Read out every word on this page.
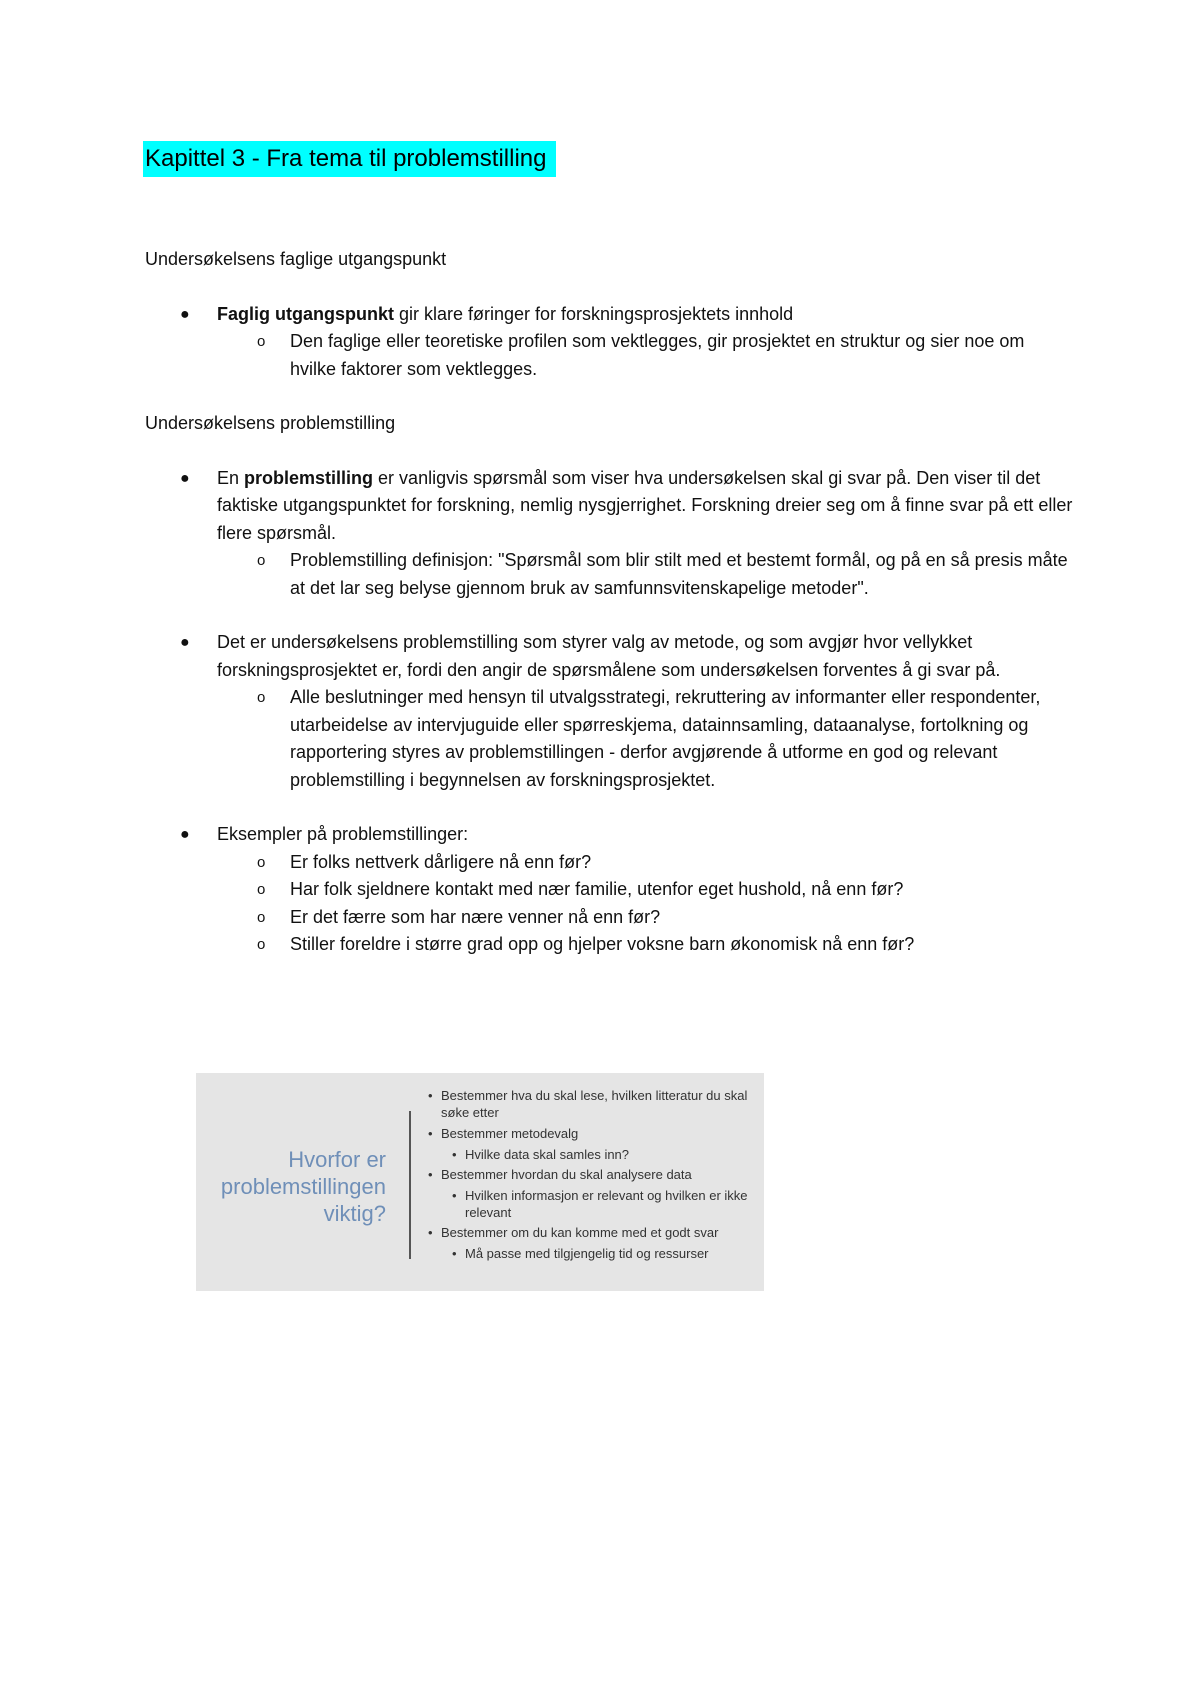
Kapittel 3 - Fra tema til problemstilling

Undersøkelsens faglige utgangspunkt

● Faglig utgangspunkt gir klare føringer for forskningsprosjektets innhold
o Den faglige eller teoretiske profilen som vektlegges, gir prosjektet en struktur og sier noe om hvilke faktorer som vektlegges.

Undersøkelsens problemstilling

● En problemstilling er vanligvis spørsmål som viser hva undersøkelsen skal gi svar på. Den viser til det faktiske utgangspunktet for forskning, nemlig nysgjerrighet. Forskning dreier seg om å finne svar på ett eller flere spørsmål.
o Problemstilling definisjon: "Spørsmål som blir stilt med et bestemt formål, og på en så presis måte at det lar seg belyse gjennom bruk av samfunnsvitenskapelige metoder".
● Det er undersøkelsens problemstilling som styrer valg av metode, og som avgjør hvor vellykket forskningsprosjektet er, fordi den angir de spørsmålene som undersøkelsen forventes å gi svar på.
o Alle beslutninger med hensyn til utvalgsstrategi, rekruttering av informanter eller respondenter, utarbeidelse av intervjuguide eller spørreskjema, datainnsamling, dataanalyse, fortolkning og rapportering styres av problemstillingen - derfor avgjørende å utforme en god og relevant problemstilling i begynnelsen av forskningsprosjektet.
● Eksempler på problemstillinger:
o Er folks nettverk dårligere nå enn før?
o Har folk sjeldnere kontakt med nær familie, utenfor eget hushold, nå enn før?
o Er det færre som har nære venner nå enn før?
o Stiller foreldre i større grad opp og hjelper voksne barn økonomisk nå enn før?
Hvorfor er problemstillingen viktig?
• Bestemmer hva du skal lese, hvilken litteratur du skal søke etter
• Bestemmer metodevalg
• Hvilke data skal samles inn?
• Bestemmer hvordan du skal analysere data
• Hvilken informasjon er relevant og hvilken er ikke relevant
• Bestemmer om du kan komme med et godt svar
• Må passe med tilgjengelig tid og ressurser
